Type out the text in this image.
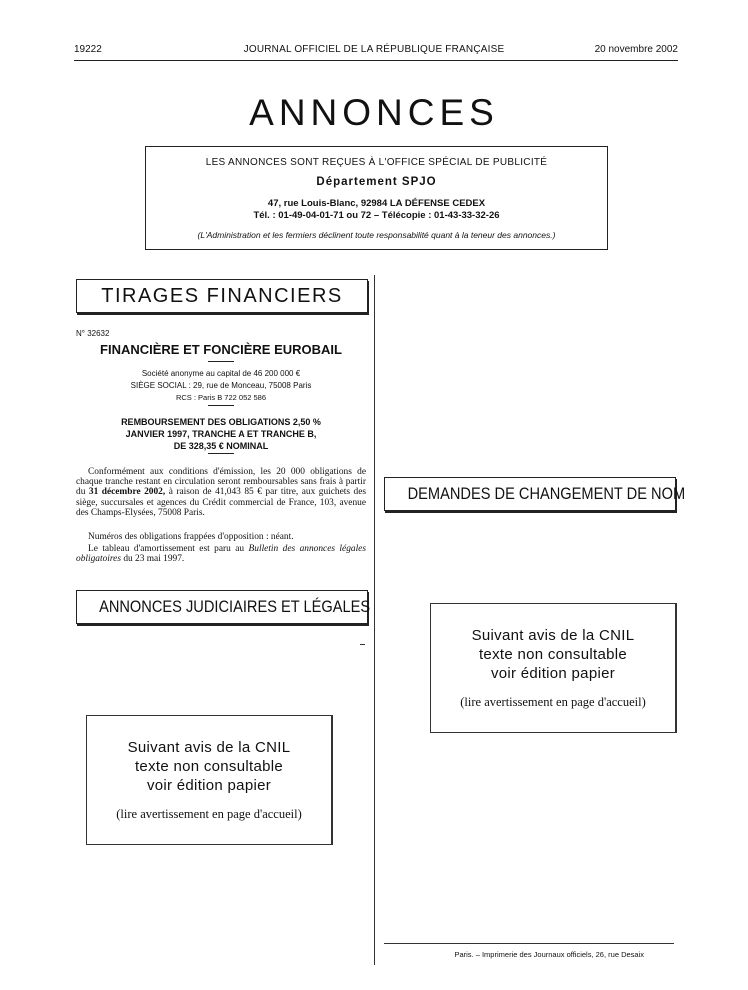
19222	JOURNAL OFFICIEL DE LA RÉPUBLIQUE FRANÇAISE	20 novembre 2002
ANNONCES
LES ANNONCES SONT REÇUES À L'OFFICE SPÉCIAL DE PUBLICITÉ
Département SPJO
47, rue Louis-Blanc, 92984 LA DÉFENSE CEDEX
Tél. : 01-49-04-01-71 ou 72 – Télécopie : 01-43-33-32-26
(L'Administration et les fermiers déclinent toute responsabilité quant à la teneur des annonces.)
TIRAGES FINANCIERS
N° 32632
FINANCIÈRE ET FONCIÈRE EUROBAIL
Société anonyme au capital de 46 200 000 €
SIÈGE SOCIAL : 29, rue de Monceau, 75008 Paris
RCS : Paris B 722 052 586
REMBOURSEMENT DES OBLIGATIONS 2,50 %
JANVIER 1997, TRANCHE A ET TRANCHE B,
DE 328,35 € NOMINAL
Conformément aux conditions d'émission, les 20 000 obligations de chaque tranche restant en circulation seront remboursables sans frais à partir du 31 décembre 2002, à raison de 41,043 85 € par titre, aux guichets des siège, succursales et agences du Crédit commercial de France, 103, avenue des Champs-Elysées, 75008 Paris.
Numéros des obligations frappées d'opposition : néant.
Le tableau d'amortissement est paru au Bulletin des annonces légales obligatoires du 23 mai 1997.
ANNONCES JUDICIAIRES ET LÉGALES
Suivant avis de la CNIL
texte non consultable
voir édition papier
(lire avertissement en page d'accueil)
DEMANDES DE CHANGEMENT DE NOM
Suivant avis de la CNIL
texte non consultable
voir édition papier
(lire avertissement en page d'accueil)
Paris. – Imprimerie des Journaux officiels, 26, rue Desaix
